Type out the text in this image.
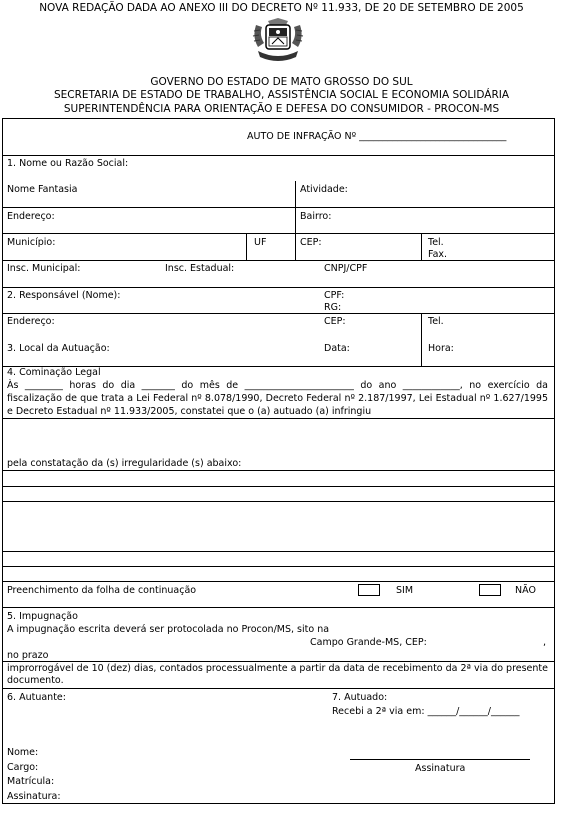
NOVA REDAÇÃO DADA AO ANEXO III DO DECRETO Nº 11.933, DE 20 DE SETEMBRO DE 2005
GOVERNO DO ESTADO DE MATO GROSSO DO SUL
SECRETARIA DE ESTADO DE TRABALHO, ASSISTÊNCIA SOCIAL E ECONOMIA SOLIDÁRIA
SUPERINTENDÊNCIA PARA ORIENTAÇÃO E DEFESA DO CONSUMIDOR - PROCON-MS
AUTO DE INFRAÇÃO Nº _______________________________
1. Nome ou Razão Social:
Nome Fantasia	Atividade:
Endereço:	Bairro:
Município:	UF	CEP:	Tel.
Fax.
Insc. Municipal:	Insc. Estadual:	CNPJ/CPF
2. Responsável (Nome):	CPF:
RG:
Endereço:	CEP:	Tel.
3. Local da Autuação:	Data:	Hora:
4. Cominação Legal
Às ________ horas do dia _______ do mês de _______________________ do ano ____________, no exercício da fiscalização de que trata a Lei Federal nº 8.078/1990, Decreto Federal nº 2.187/1997, Lei Estadual nº 1.627/1995 e Decreto Estadual nº 11.933/2005, constatei que o (a) autuado (a) infringiu
pela constatação da (s) irregularidade (s) abaixo:
Preenchimento da folha de continuação	SIM	NÃO
5. Impugnação
A impugnação escrita deverá ser protocolada no Procon/MS, sito na
Campo Grande-MS, CEP:	,
no prazo
improrrogável de 10 (dez) dias, contados processualmente a partir da data de recebimento da 2ª via do presente documento.
6. Autuante:	7. Autuado:
Recebi a 2ª via em: ______/______/______
Nome:
Cargo:
Matrícula:
Assinatura:
Assinatura
